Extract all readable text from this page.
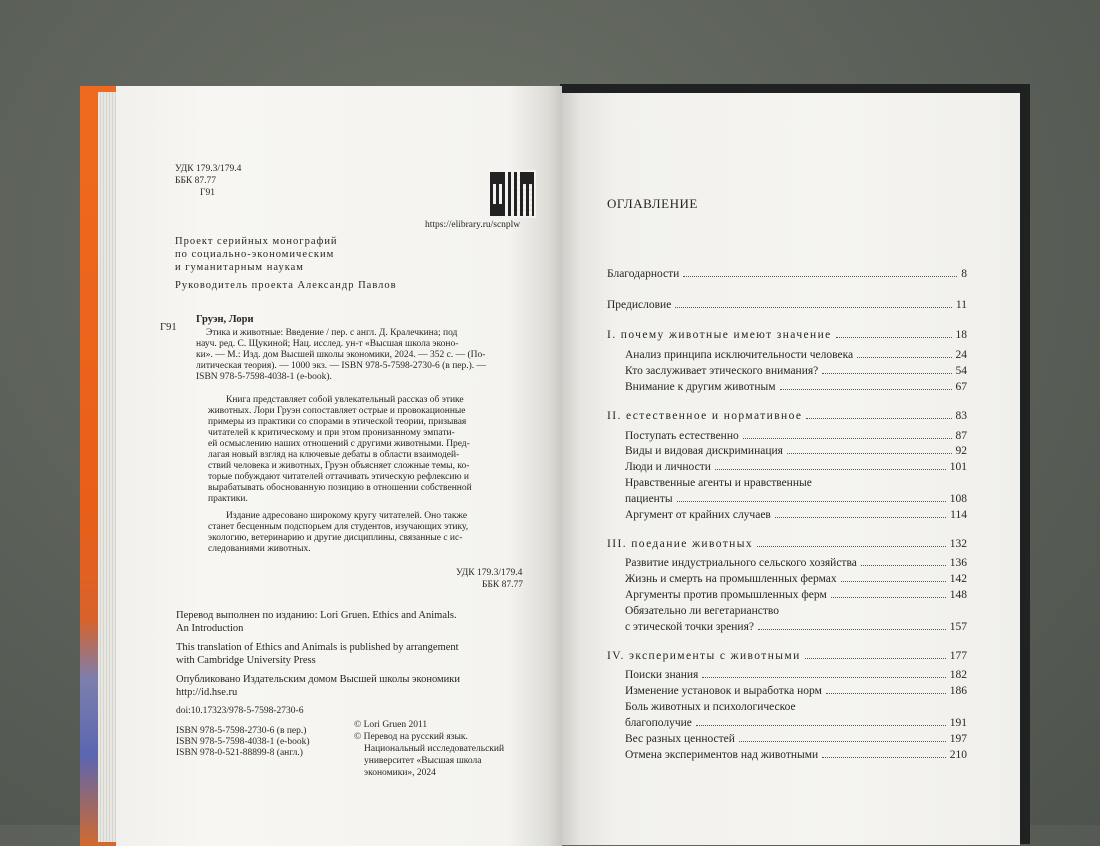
УДК 179.3/179.4
ББК 87.77
Г91
https://elibrary.ru/scnplw
Проект серийных монографий
по социально-экономическим
и гуманитарным наукам
Руководитель проекта Александр Павлов
Г91
Груэн, Лори
Этика и животные: Введение / пер. с англ. Д. Кралечкина; под
науч. ред. С. Щукиной; Нац. исслед. ун-т «Высшая школа эконо-
ки». — М.: Изд. дом Высшей школы экономики, 2024. — 352 с. — (По-
литическая теория). — 1000 экз. — ISBN 978-5-7598-2730-6 (в пер.). —
ISBN 978-5-7598-4038-1 (e-book).
Книга представляет собой увлекательный рассказ об этике
животных. Лори Груэн сопоставляет острые и провокационные
примеры из практики со спорами в этической теории, призывая
читателей к критическому и при этом пронизанному эмпати-
ей осмыслению наших отношений с другими животными. Пред-
лагая новый взгляд на ключевые дебаты в области взаимодей-
ствий человека и животных, Груэн объясняет сложные темы, ко-
торые побуждают читателей оттачивать этическую рефлексию и
вырабатывать обоснованную позицию в отношении собственной
практики.
Издание адресовано широкому кругу читателей. Оно также
станет бесценным подспорьем для студентов, изучающих этику,
экологию, ветеринарию и другие дисциплины, связанные с ис-
следованиями животных.
УДК 179.3/179.4
ББК 87.77
Перевод выполнен по изданию: Lori Gruen. Ethics and Animals.
An Introduction
This translation of Ethics and Animals is published by arrangement
with Cambridge University Press
Опубликовано Издательским домом Высшей школы экономики
http://id.hse.ru
doi:10.17323/978-5-7598-2730-6
ISBN 978-5-7598-2730-6 (в пер.)
ISBN 978-5-7598-4038-1 (e-book)
ISBN 978-0-521-88899-8 (англ.)
© Lori Gruen 2011
© Перевод на русский язык.
Национальный исследовательский
университет «Высшая школа
экономики», 2024
ОГЛАВЛЕНИЕ
Благодарности	8
Предисловие	11
I. почему животные имеют значение	18
Анализ принципа исключительности человека	24
Кто заслуживает этического внимания?	54
Внимание к другим животным	67
II. естественное и нормативное	83
Поступать естественно	87
Виды и видовая дискриминация	92
Люди и личности	101
Нравственные агенты и нравственные
пациенты	108
Аргумент от крайних случаев	114
III. поедание животных	132
Развитие индустриального сельского хозяйства	136
Жизнь и смерть на промышленных фермах	142
Аргументы против промышленных ферм	148
Обязательно ли вегетарианство
с этической точки зрения?	157
IV. эксперименты с животными	177
Поиски знания	182
Изменение установок и выработка норм	186
Боль животных и психологическое
благополучие	191
Вес разных ценностей	197
Отмена экспериментов над животными	210
